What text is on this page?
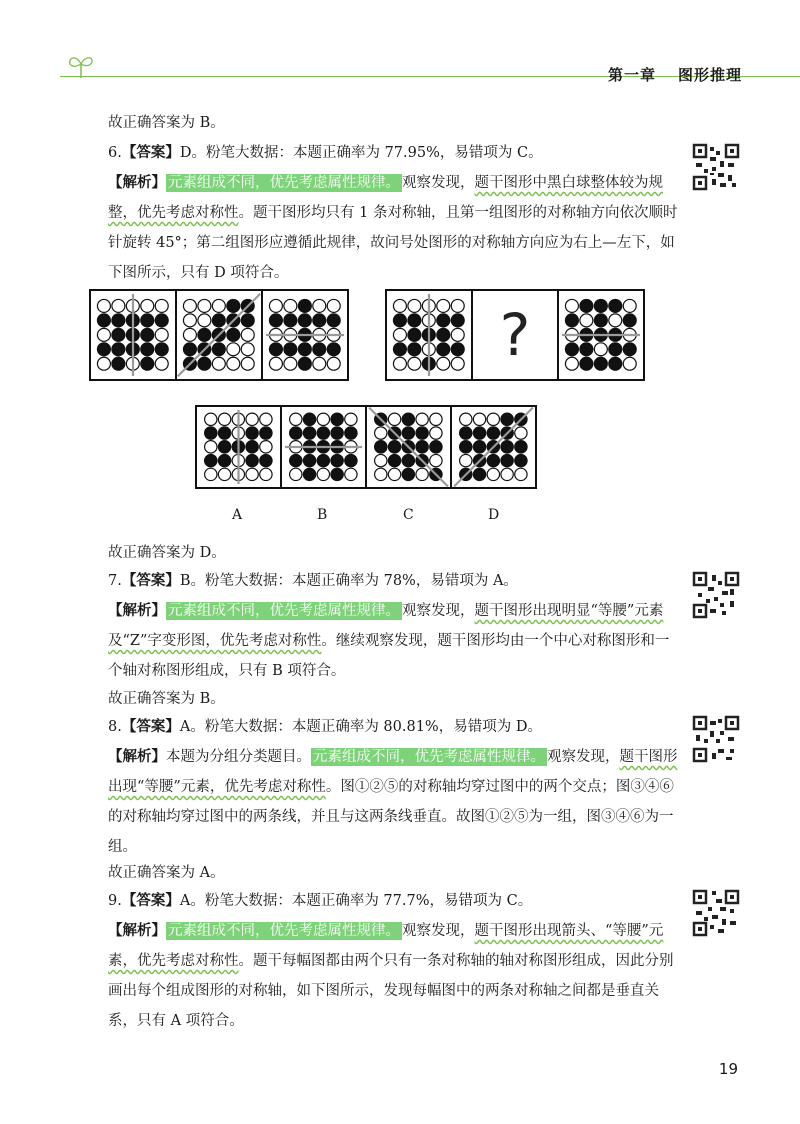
第一章 图形推理
故正确答案为 B。
6.【答案】D。粉笔大数据：本题正确率为 77.95%，易错项为 C。
【解析】 元素组成不同，优先考虑属性规律。 观察发现，题干图形中黑白球整体较为规整，优先考虑对称性。题干图形均只有 1 条对称轴，且第一组图形的对称轴方向依次顺时针旋转 45°；第二组图形应遵循此规律，故问号处图形的对称轴方向应为右上—左下，如下图所示，只有 D 项符合。
?
A	B	C	D
故正确答案为 D。
7.【答案】B。粉笔大数据：本题正确率为 78%，易错项为 A。
【解析】 元素组成不同，优先考虑属性规律。 观察发现，题干图形出现明显“等腰”元素及“Z”字变形图，优先考虑对称性。继续观察发现，题干图形均由一个中心对称图形和一个轴对称图形组成，只有 B 项符合。
故正确答案为 B。
8.【答案】A。粉笔大数据：本题正确率为 80.81%，易错项为 D。
【解析】本题为分组分类题目。 元素组成不同，优先考虑属性规律。 观察发现，题干图形出现“等腰”元素，优先考虑对称性。图①②⑤的对称轴均穿过图中的两个交点；图③④⑥的对称轴均穿过图中的两条线，并且与这两条线垂直。故图①②⑤为一组，图③④⑥为一组。
故正确答案为 A。
9.【答案】A。粉笔大数据：本题正确率为 77.7%，易错项为 C。
【解析】 元素组成不同，优先考虑属性规律。 观察发现，题干图形出现箭头、“等腰”元素，优先考虑对称性。题干每幅图都由两个只有一条对称轴的轴对称图形组成，因此分别画出每个组成图形的对称轴，如下图所示，发现每幅图中的两条对称轴之间都是垂直关系，只有 A 项符合。
19
